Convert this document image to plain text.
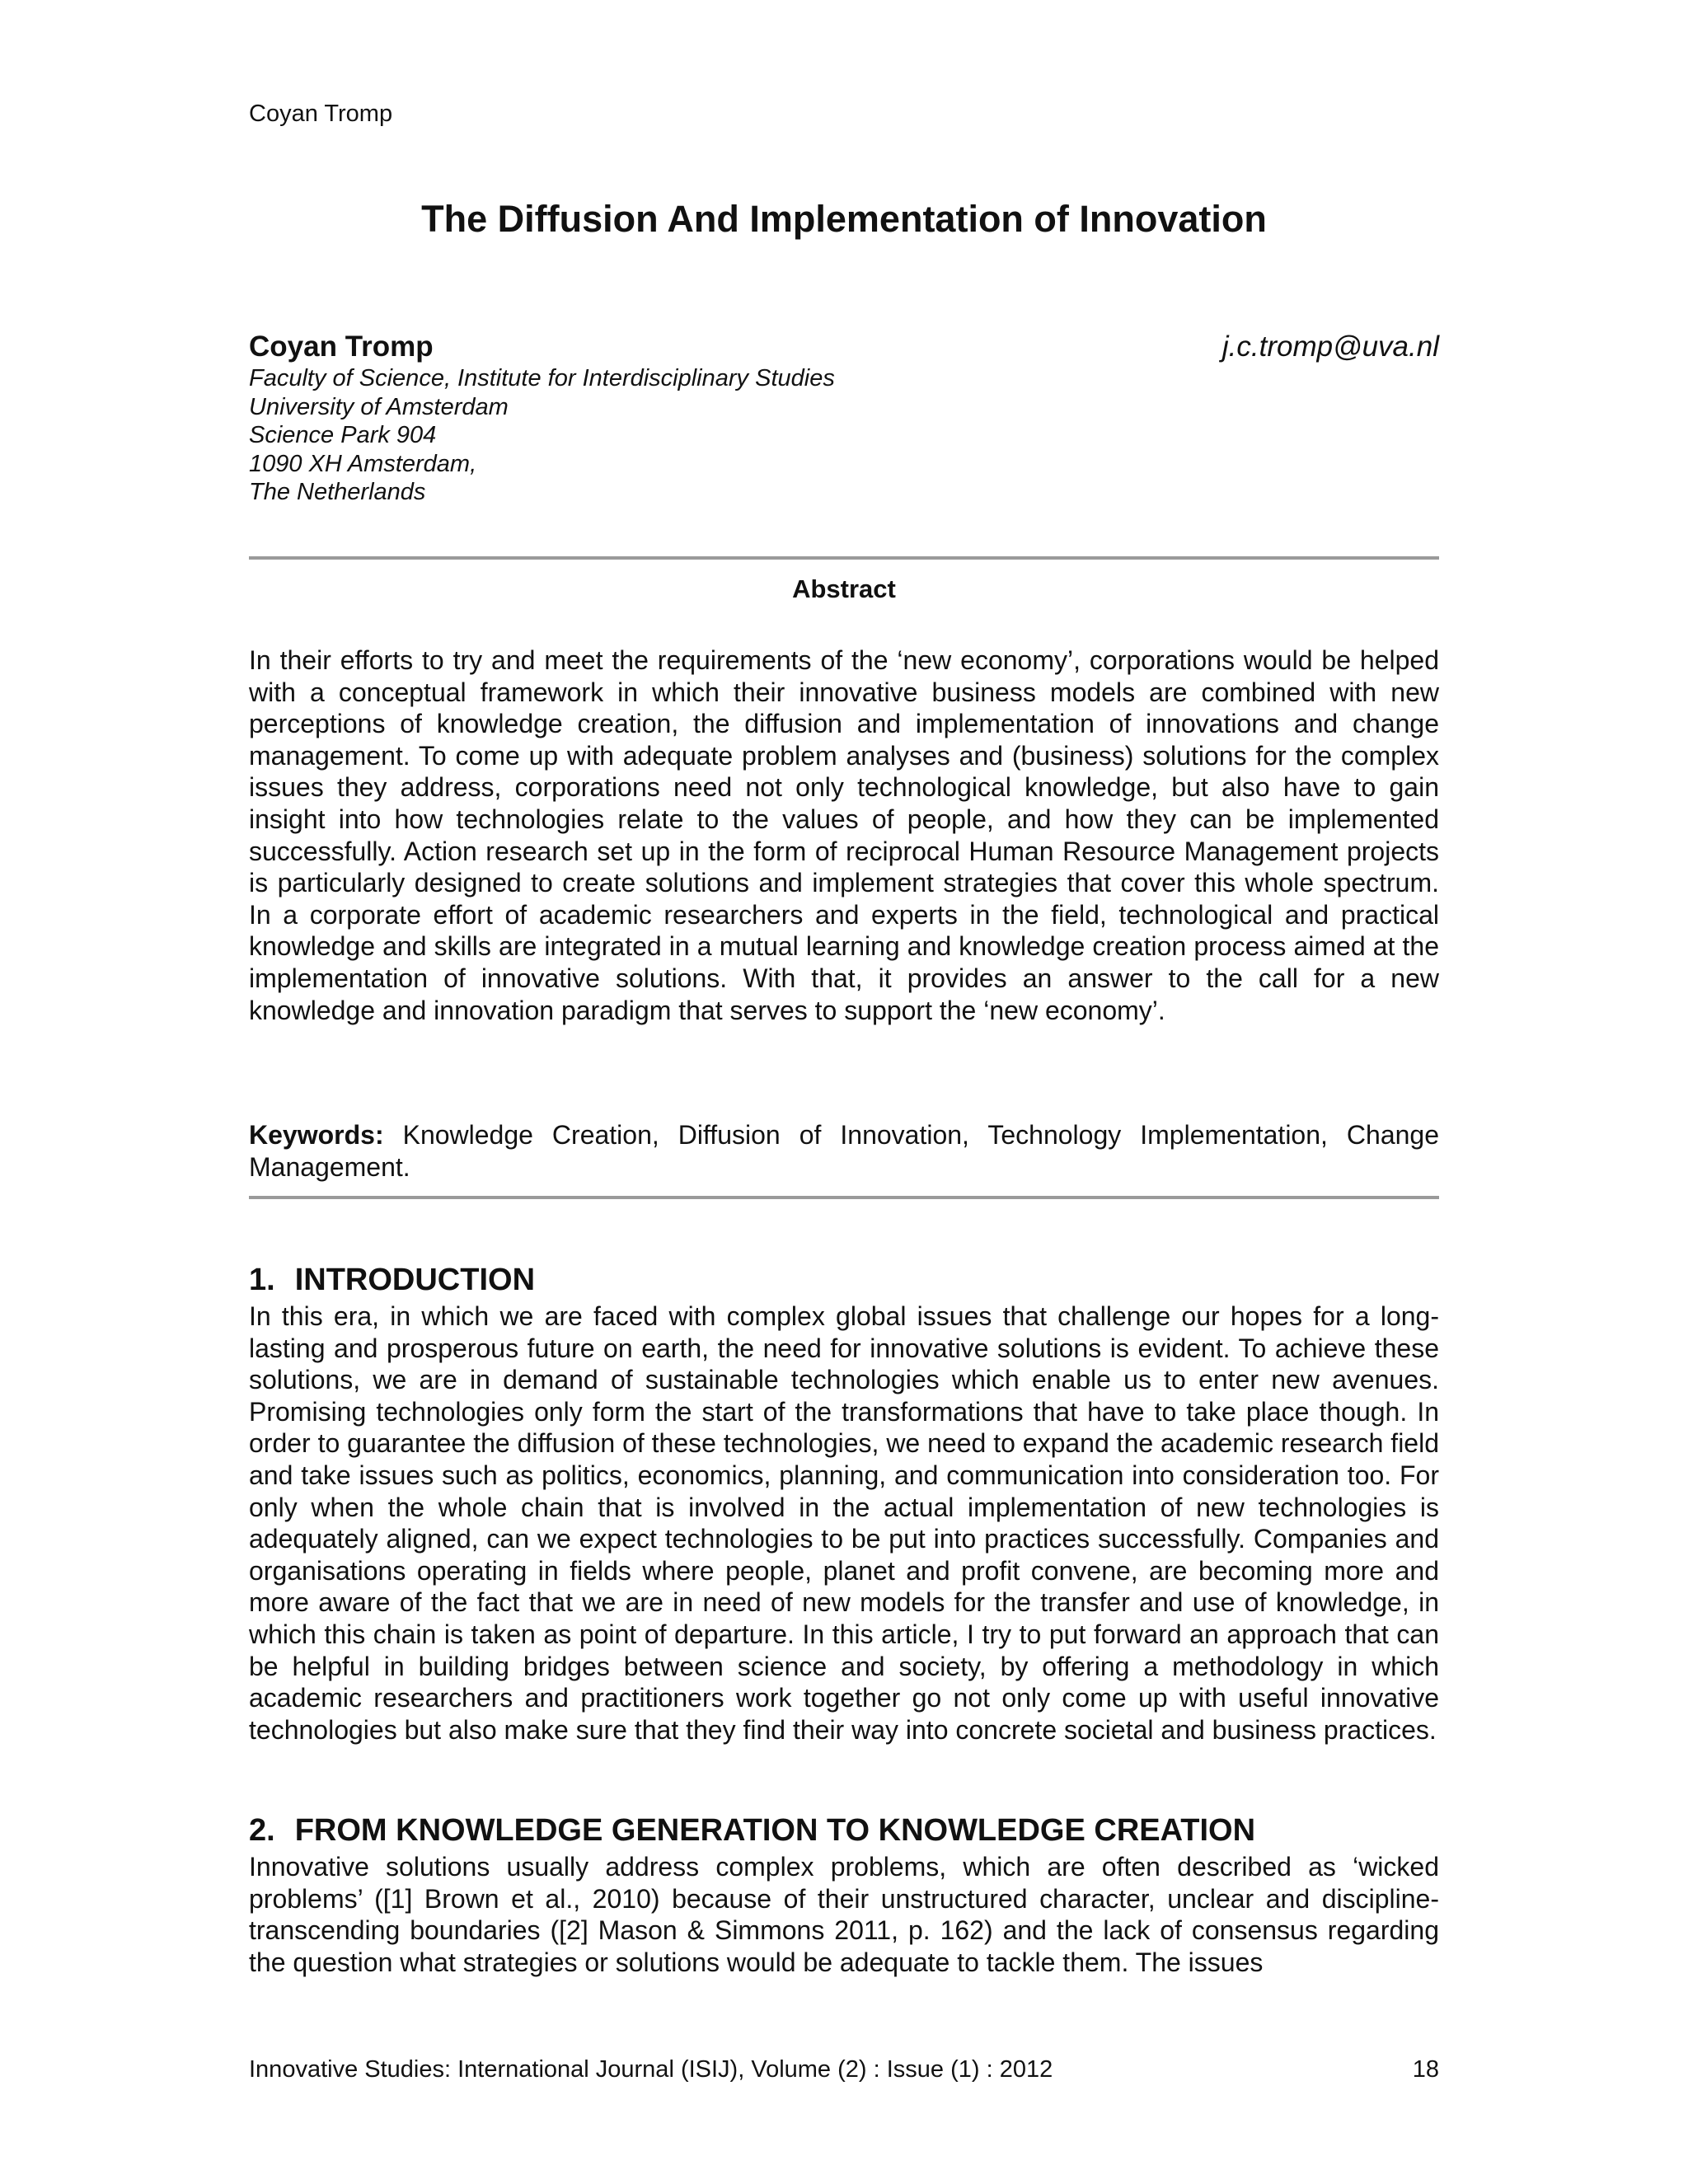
Coyan Tromp
The Diffusion And Implementation of Innovation
Coyan Tromp	j.c.tromp@uva.nl
Faculty of Science, Institute for Interdisciplinary Studies
University of Amsterdam
Science Park 904
1090 XH Amsterdam,
The Netherlands
Abstract

In their efforts to try and meet the requirements of the ‘new economy’, corporations would be helped with a conceptual framework in which their innovative business models are combined with new perceptions of knowledge creation, the diffusion and implementation of innovations and change management. To come up with adequate problem analyses and (business) solutions for the complex issues they address, corporations need not only technological knowledge, but also have to gain insight into how technologies relate to the values of people, and how they can be implemented successfully. Action research set up in the form of reciprocal Human Resource Management projects is particularly designed to create solutions and implement strategies that cover this whole spectrum. In a corporate effort of academic researchers and experts in the field, technological and practical knowledge and skills are integrated in a mutual learning and knowledge creation process aimed at the implementation of innovative solutions. With that, it provides an answer to the call for a new knowledge and innovation paradigm that serves to support the ‘new economy’.

Keywords: Knowledge Creation, Diffusion of Innovation, Technology Implementation, Change Management.

1. INTRODUCTION

In this era, in which we are faced with complex global issues that challenge our hopes for a long-lasting and prosperous future on earth, the need for innovative solutions is evident. To achieve these solutions, we are in demand of sustainable technologies which enable us to enter new avenues. Promising technologies only form the start of the transformations that have to take place though. In order to guarantee the diffusion of these technologies, we need to expand the academic research field and take issues such as politics, economics, planning, and communication into consideration too. For only when the whole chain that is involved in the actual implementation of new technologies is adequately aligned, can we expect technologies to be put into practices successfully. Companies and organisations operating in fields where people, planet and profit convene, are becoming more and more aware of the fact that we are in need of new models for the transfer and use of knowledge, in which this chain is taken as point of departure. In this article, I try to put forward an approach that can be helpful in building bridges between science and society, by offering a methodology in which academic researchers and practitioners work together go not only come up with useful innovative technologies but also make sure that they find their way into concrete societal and business practices.

2. FROM KNOWLEDGE GENERATION TO KNOWLEDGE CREATION

Innovative solutions usually address complex problems, which are often described as ‘wicked problems’ ([1] Brown et al., 2010) because of their unstructured character, unclear and discipline-transcending boundaries ([2] Mason & Simmons 2011, p. 162) and the lack of consensus regarding the question what strategies or solutions would be adequate to tackle them. The issues

Innovative Studies: International Journal (ISIJ), Volume (2) : Issue (1) : 2012	18
